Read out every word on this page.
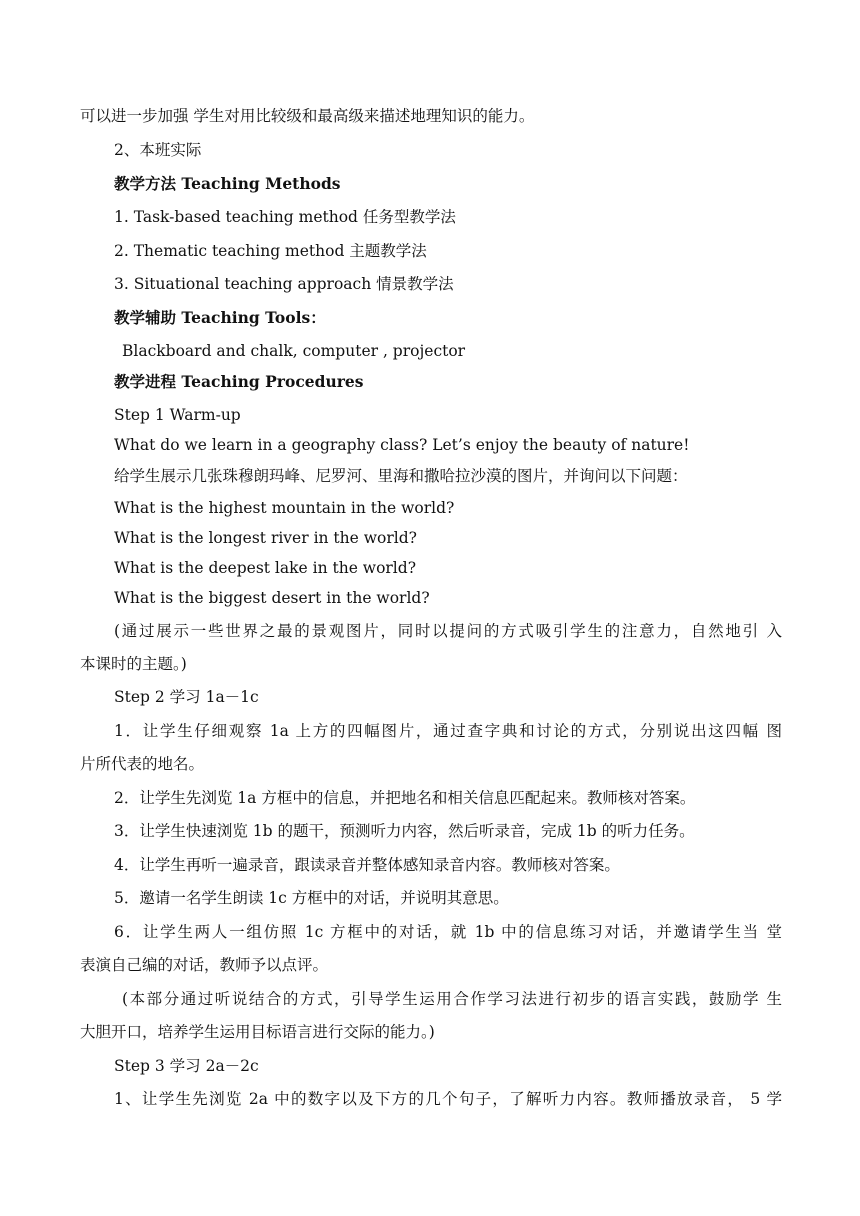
可以进一步加强 学生对用比较级和最高级来描述地理知识的能力。
2、本班实际
教学方法 Teaching Methods
1. Task-based teaching method 任务型教学法
2. Thematic teaching method 主题教学法
3. Situational teaching approach 情景教学法
教学辅助 Teaching Tools：
Blackboard and chalk, computer , projector
教学进程 Teaching Procedures
Step 1 Warm-up
What do we learn in a geography class? Let’s enjoy the beauty of nature!
给学生展示几张珠穆朗玛峰、尼罗河、里海和撒哈拉沙漠的图片，并询问以下问题：
What is the highest mountain in the world?
What is the longest river in the world?
What is the deepest lake in the world?
What is the biggest desert in the world?
(通过展示一些世界之最的景观图片，同时以提问的方式吸引学生的注意力，自然地引 入
本课时的主题。)
Step 2 学习 1a－1c
1．让学生仔细观察 1a 上方的四幅图片，通过查字典和讨论的方式，分别说出这四幅 图
片所代表的地名。
2．让学生先浏览 1a 方框中的信息，并把地名和相关信息匹配起来。教师核对答案。
3．让学生快速浏览 1b 的题干，预测听力内容，然后听录音，完成 1b 的听力任务。
4．让学生再听一遍录音，跟读录音并整体感知录音内容。教师核对答案。
5．邀请一名学生朗读 1c 方框中的对话，并说明其意思。
6．让学生两人一组仿照 1c 方框中的对话，就 1b 中的信息练习对话，并邀请学生当 堂
表演自己编的对话，教师予以点评。
(本部分通过听说结合的方式，引导学生运用合作学习法进行初步的语言实践，鼓励学 生
大胆开口，培养学生运用目标语言进行交际的能力。)
Step 3 学习 2a－2c
1、让学生先浏览 2a 中的数字以及下方的几个句子，了解听力内容。教师播放录音， 5 学
